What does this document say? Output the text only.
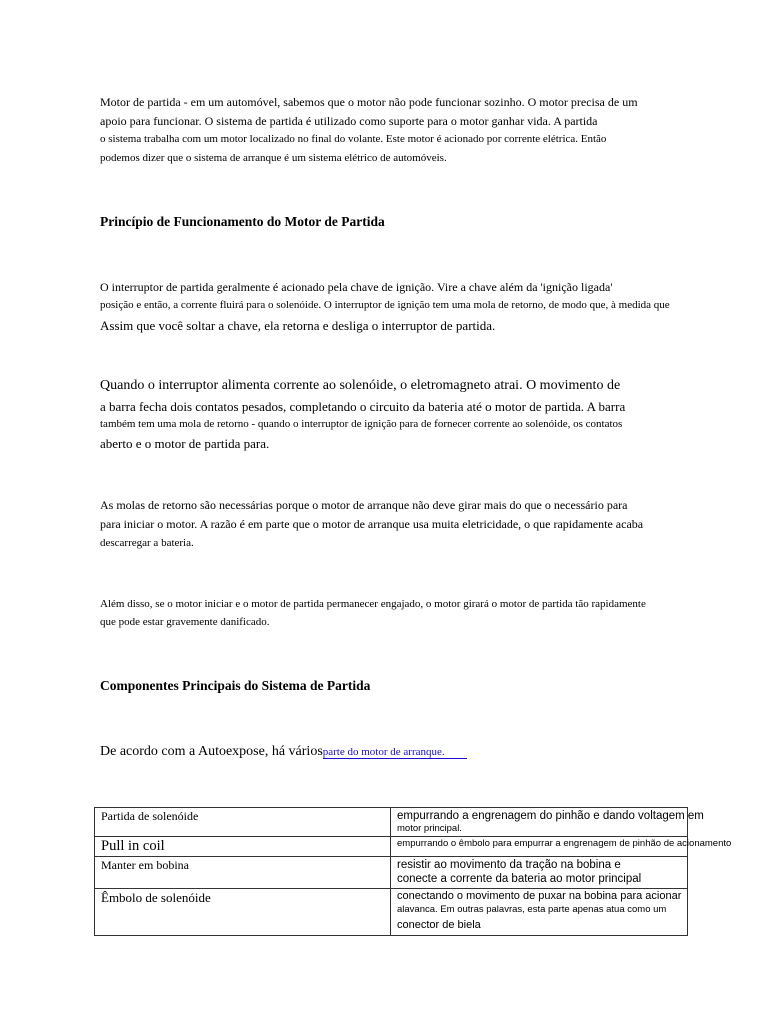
Motor de partida - em um automóvel, sabemos que o motor não pode funcionar sozinho. O motor precisa de um
apoio para funcionar. O sistema de partida é utilizado como suporte para o motor ganhar vida. A partida
o sistema trabalha com um motor localizado no final do volante. Este motor é acionado por corrente elétrica. Então
podemos dizer que o sistema de arranque é um sistema elétrico de automóveis.
Princípio de Funcionamento do Motor de Partida
O interruptor de partida geralmente é acionado pela chave de ignição. Vire a chave além da 'ignição ligada'
posição e então, a corrente fluirá para o solenóide. O interruptor de ignição tem uma mola de retorno, de modo que, à medida que
Assim que você soltar a chave, ela retorna e desliga o interruptor de partida.
Quando o interruptor alimenta corrente ao solenóide, o eletromagneto atrai. O movimento de
a barra fecha dois contatos pesados, completando o circuito da bateria até o motor de partida. A barra
também tem uma mola de retorno - quando o interruptor de ignição para de fornecer corrente ao solenóide, os contatos
aberto e o motor de partida para.
As molas de retorno são necessárias porque o motor de arranque não deve girar mais do que o necessário para
para iniciar o motor. A razão é em parte que o motor de arranque usa muita eletricidade, o que rapidamente acaba
descarregar a bateria.
Além disso, se o motor iniciar e o motor de partida permanecer engajado, o motor girará o motor de partida tão rapidamente
que pode estar gravemente danificado.
Componentes Principais do Sistema de Partida
De acordo com a Autoexpose, há váriosparte do motor de arranque.
Partida de solenóide	empurrando a engrenagem do pinhão e dando voltagem em
motor principal.

Pull in coil	empurrando o êmbolo para empurrar a engrenagem de pinhão de acionamento

Manter em bobina	resistir ao movimento da tração na bobina e
conecte a corrente da bateria ao motor principal

Êmbolo de solenóide	conectando o movimento de puxar na bobina para acionar
alavanca. Em outras palavras, esta parte apenas atua como um
conector de biela
